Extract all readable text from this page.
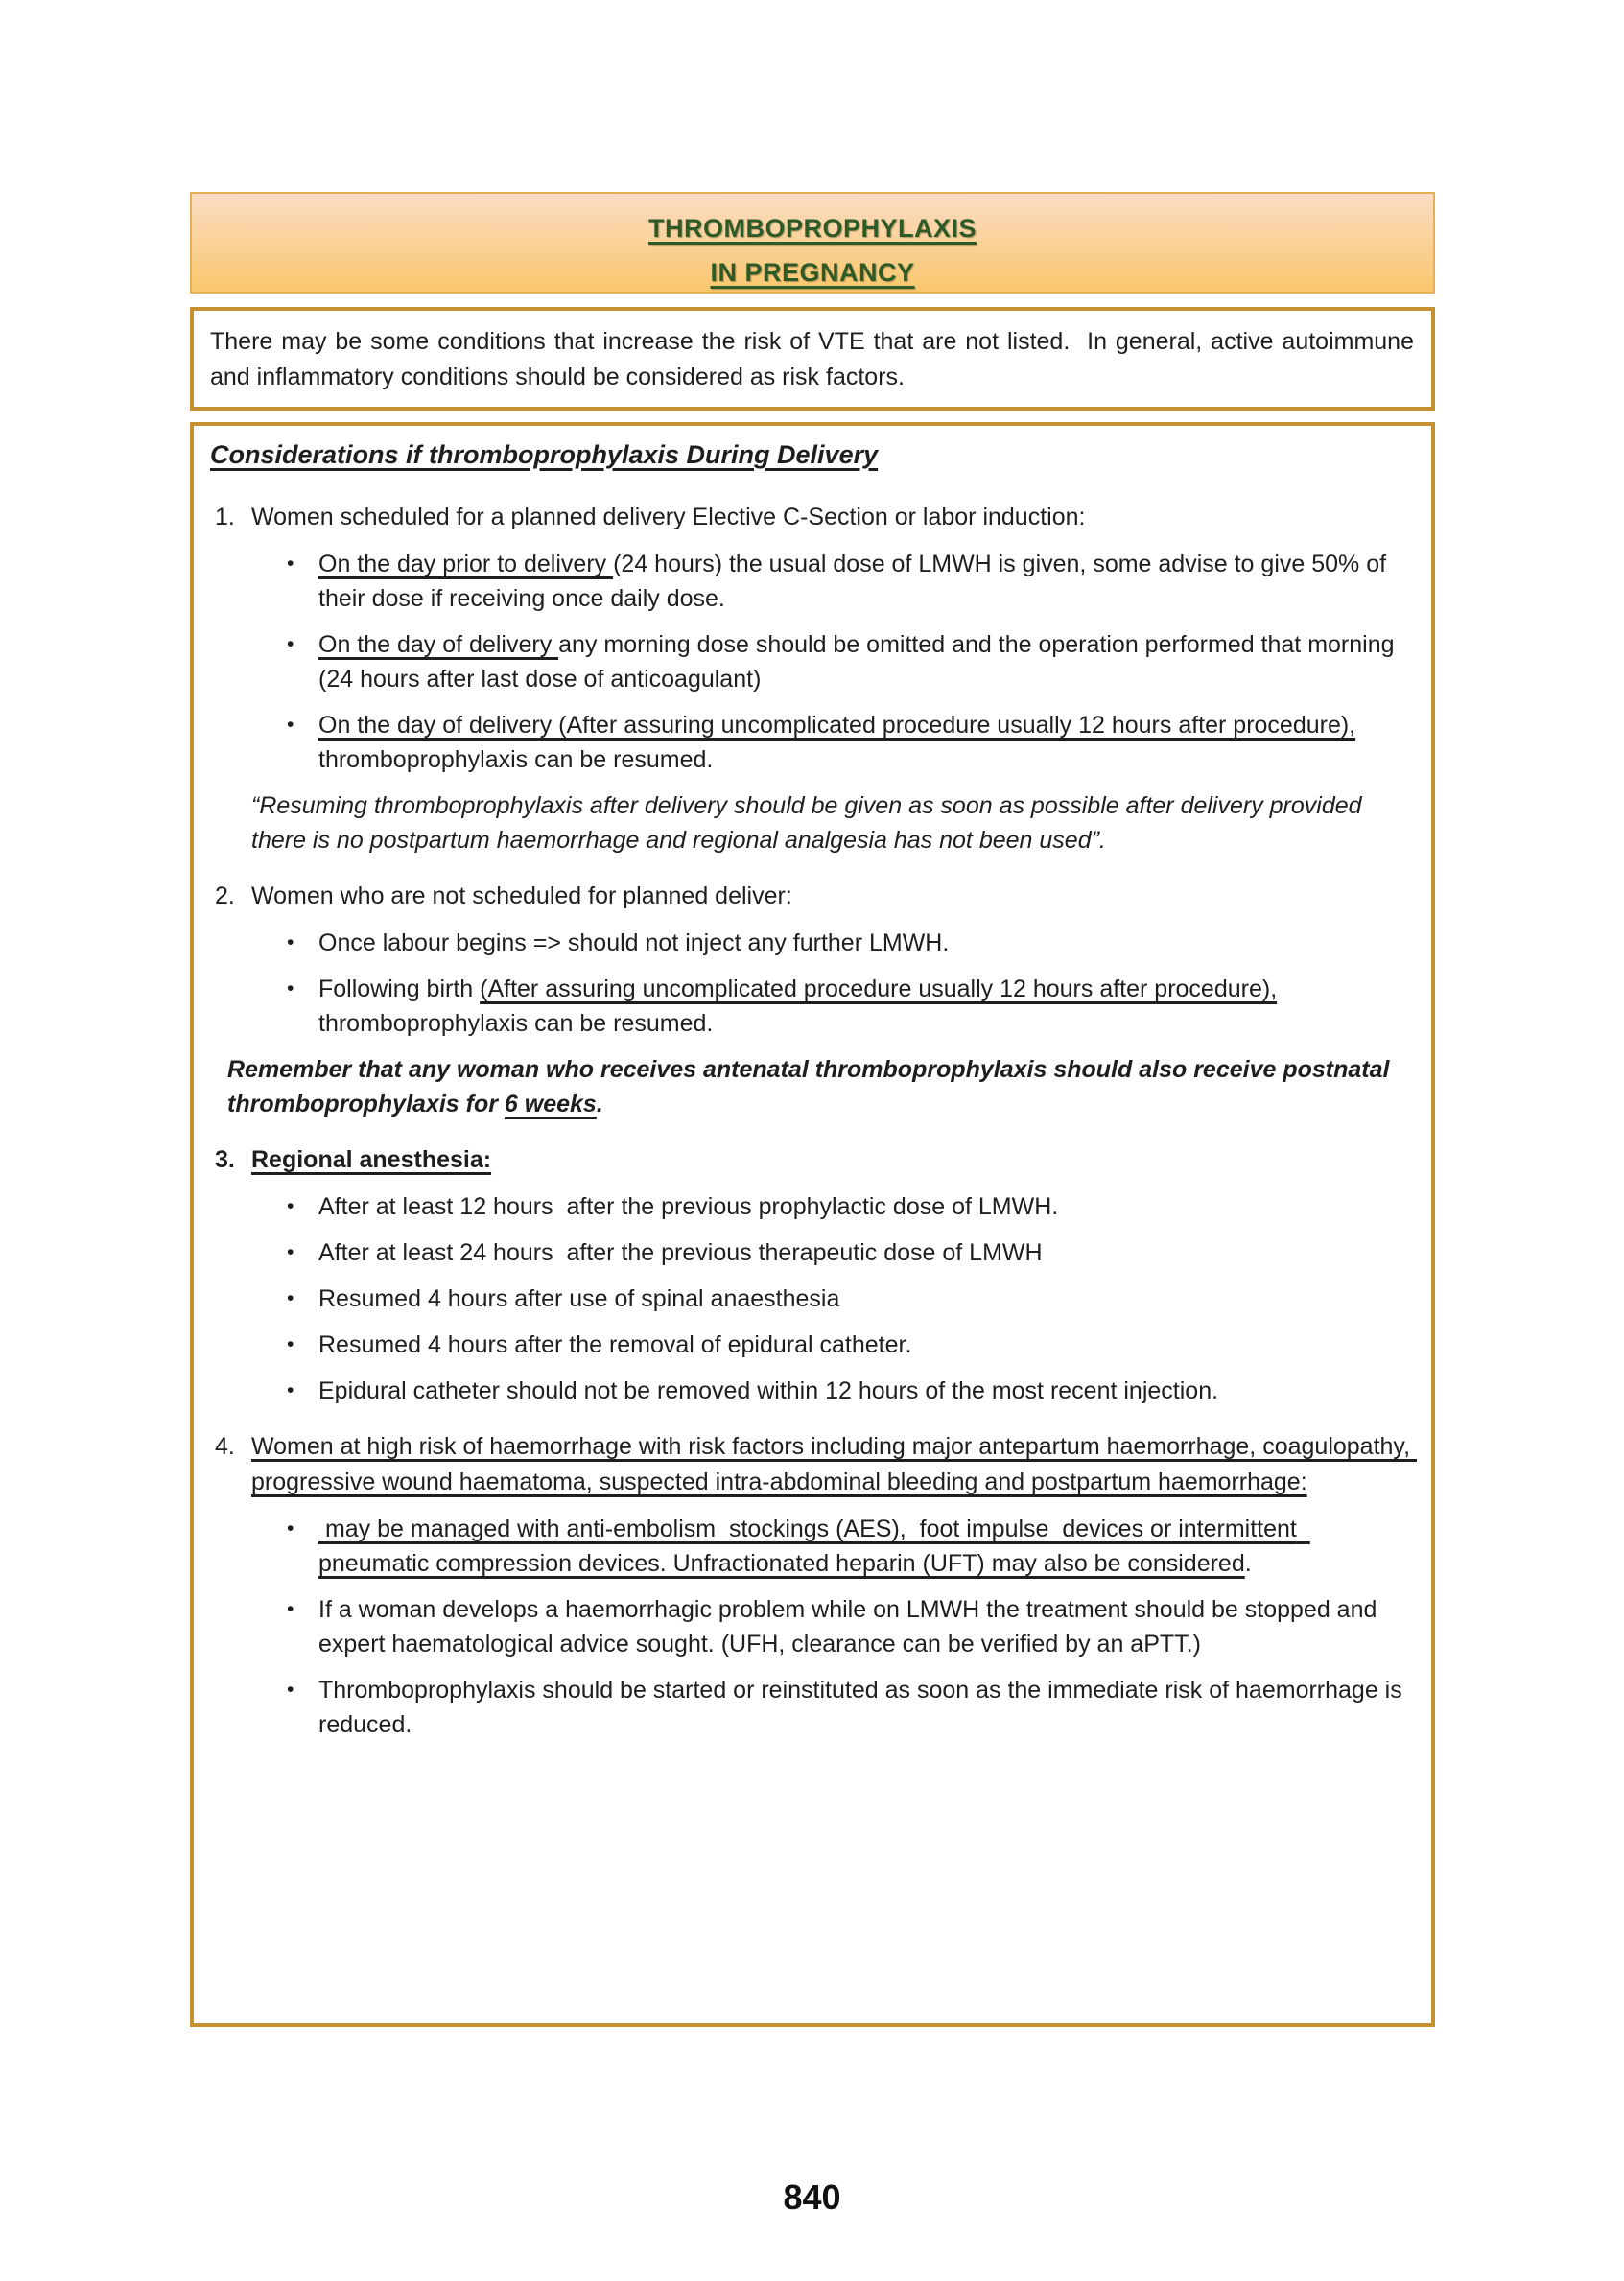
THROMBOPROPHYLAXIS
IN PREGNANCY

There may be some conditions that increase the risk of VTE that are not listed.  In general, active autoimmune and inflammatory conditions should be considered as risk factors.

Considerations if thromboprophylaxis During Delivery
1. Women scheduled for a planned delivery Elective C-Section or labor induction:
•	On the day prior to delivery (24 hours) the usual dose of LMWH is given, some advise to give 50% of their dose if receiving once daily dose.
•	On the day of delivery any morning dose should be omitted and the operation performed that morning (24 hours after last dose of anticoagulant)
•	On the day of delivery (After assuring uncomplicated procedure usually 12 hours after procedure), thromboprophylaxis can be resumed.
“Resuming thromboprophylaxis after delivery should be given as soon as possible after delivery provided there is no postpartum haemorrhage and regional analgesia has not been used”.
2. Women who are not scheduled for planned deliver:
•	Once labour begins => should not inject any further LMWH.
•	Following birth (After assuring uncomplicated procedure usually 12 hours after procedure), thromboprophylaxis can be resumed.
Remember that any woman who receives antenatal thromboprophylaxis should also receive postnatal thromboprophylaxis for 6 weeks.
3. Regional anesthesia:
•	After at least 12 hours  after the previous prophylactic dose of LMWH.
•	After at least 24 hours  after the previous therapeutic dose of LMWH
•	Resumed 4 hours after use of spinal anaesthesia
•	Resumed 4 hours after the removal of epidural catheter.
•	Epidural catheter should not be removed within 12 hours of the most recent injection.
4. Women at high risk of haemorrhage with risk factors including major antepartum haemorrhage, coagulopathy, progressive wound haematoma, suspected intra-abdominal bleeding and postpartum haemorrhage:
•	may be managed with anti-embolism  stockings (AES),  foot impulse  devices or intermittent  pneumatic compression devices. Unfractionated heparin (UFT) may also be considered.
•	If a woman develops a haemorrhagic problem while on LMWH the treatment should be stopped and expert haematological advice sought. (UFH, clearance can be verified by an aPTT.)
•	Thromboprophylaxis should be started or reinstituted as soon as the immediate risk of haemorrhage is reduced.
840
